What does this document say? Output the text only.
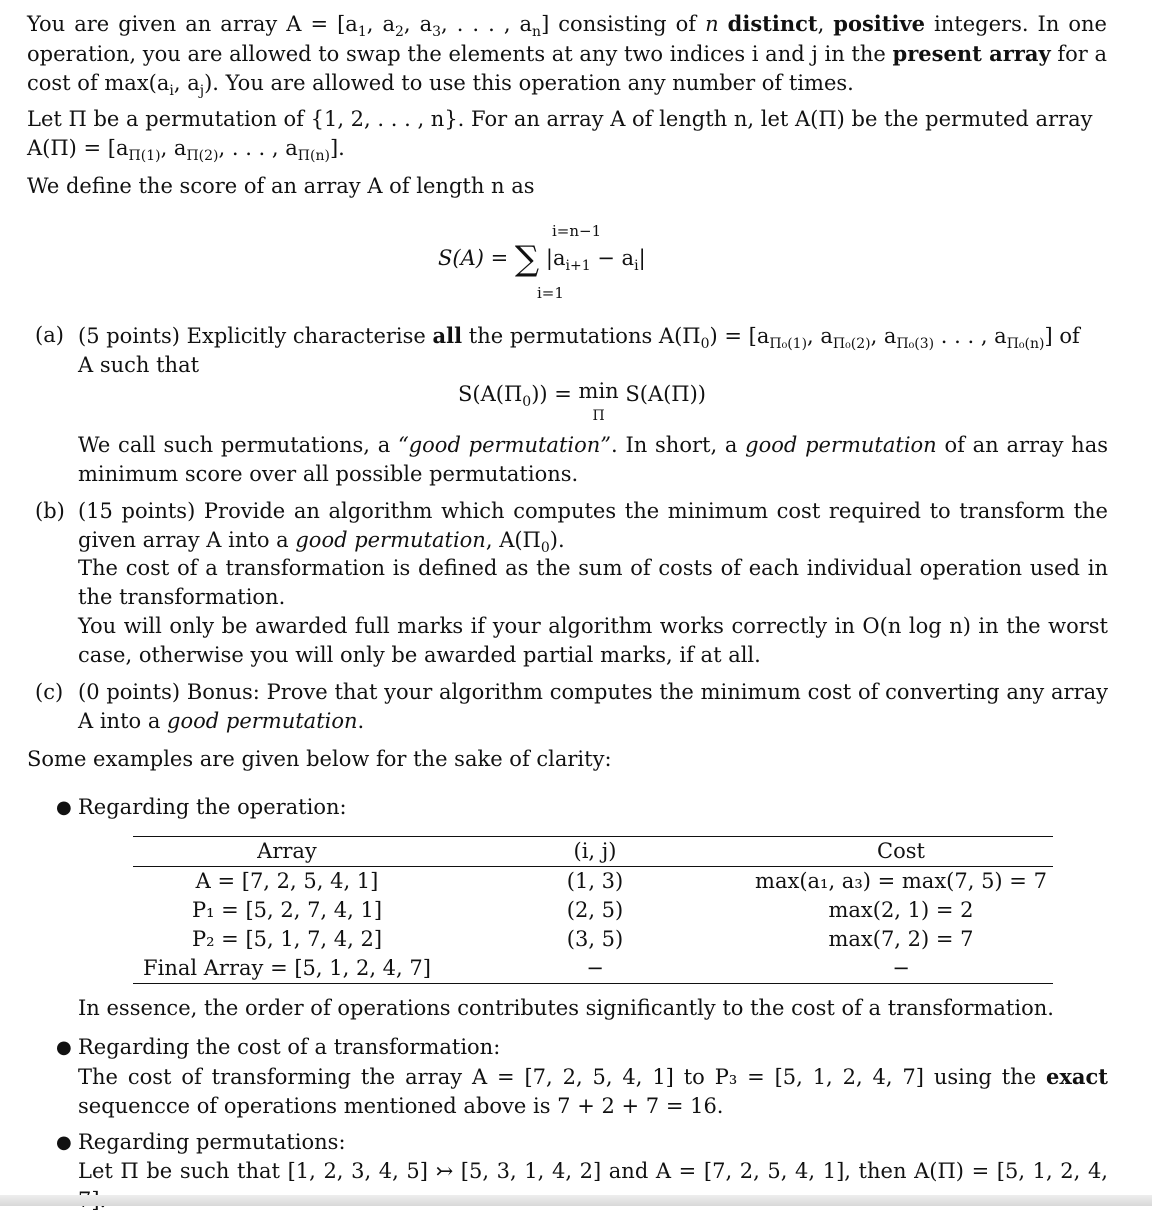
You are given an array $A = [a_1$, $a_2$, $a_3$, . . . , $a_n$] consisting of n distinct, positive integers. In one operation, you are allowed to swap the elements at any two indices i and j in the present array for a cost of $\max(a_i$, $a_j$). You are allowed to use this operation any number of times.
Let Π be a permutation of {1, 2, . . . , n}. For an array A of length n, let A(Π) be the permuted array
$A(\Pi) = [a_{\Pi(1)}$, $a_{\Pi(2)}$, . . . , $a_{\Pi(n)}$].
We define the score of an array A of length n as
i=n−1
S(A) = ∑ $|a_{i+1} - a_i|$
i=1
(a) (5 points) Explicitly characterise all the permutations $A(\Pi_0) = [a_{\Pi_0(1)}$, $a_{\Pi_0(2)}$, $a_{\Pi_0(3)}$ . . . , $a_{\Pi_0(n)}$] of
A such that
$S(A(\Pi_0)) = \min$
Π S(A(Π))
We call such permutations, a “good permutation”. In short, a good permutation of an array has minimum score over all possible permutations.
(b) (15 points) Provide an algorithm which computes the minimum cost required to transform the given array A into a good permutation, $A(\Pi_0)$.
The cost of a transformation is defined as the sum of costs of each individual operation used in the transformation.
You will only be awarded full marks if your algorithm works correctly in O(n log n) in the worst case, otherwise you will only be awarded partial marks, if at all.
(c) (0 points) Bonus: Prove that your algorithm computes the minimum cost of converting any array A into a good permutation.
Some examples are given below for the sake of clarity:
● Regarding the operation:
Array	(i, j)	Cost
A = [7, 2, 5, 4, 1]	(1, 3)	max(a₁, a₃) = max(7, 5) = 7
P₁ = [5, 2, 7, 4, 1]	(2, 5)	max(2, 1) = 2
P₂ = [5, 1, 7, 4, 2]	(3, 5)	max(7, 2) = 7
Final Array = [5, 1, 2, 4, 7]	−	−
In essence, the order of operations contributes significantly to the cost of a transformation.
● Regarding the cost of a transformation:
The cost of transforming the array A = [7, 2, 5, 4, 1] to P₃ = [5, 1, 2, 4, 7] using the exact sequencce of operations mentioned above is 7 + 2 + 7 = 16.
● Regarding permutations:
Let Π be such that [1, 2, 3, 4, 5] ↣ [5, 3, 1, 4, 2] and A = [7, 2, 5, 4, 1], then A(Π) = [5, 1, 2, 4,
